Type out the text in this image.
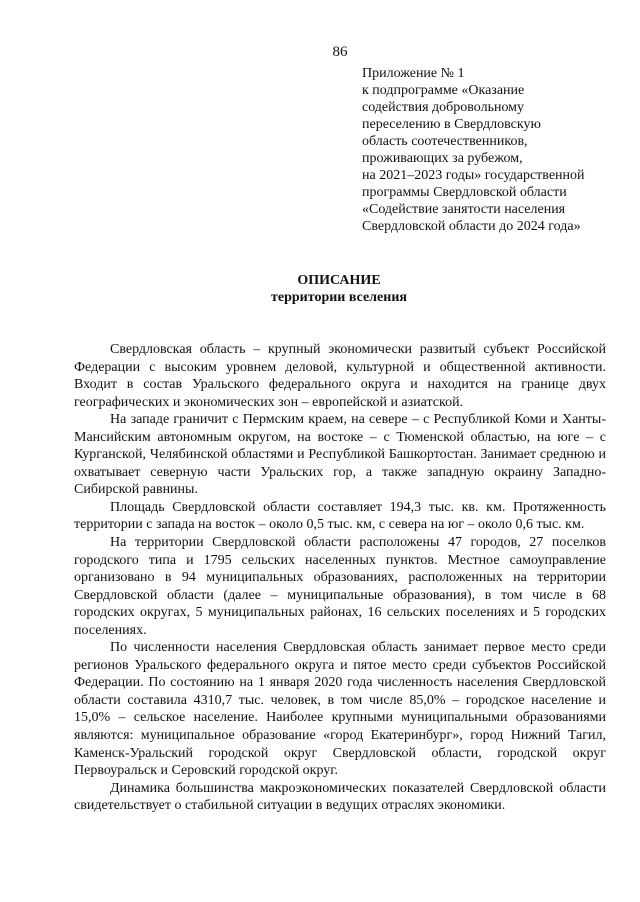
86
Приложение № 1
к подпрограмме «Оказание
содействия добровольному
переселению в Свердловскую
область соотечественников,
проживающих за рубежом,
на 2021–2023 годы» государственной
программы Свердловской области
«Содействие занятости населения
Свердловской области до 2024 года»
ОПИСАНИЕ
территории вселения

Свердловская область – крупный экономически развитый субъект Российской Федерации с высоким уровнем деловой, культурной и общественной активности. Входит в состав Уральского федерального округа и находится на границе двух географических и экономических зон – европейской и азиатской.

На западе граничит с Пермским краем, на севере – с Республикой Коми и Ханты-Мансийским автономным округом, на востоке – с Тюменской областью, на юге – с Курганской, Челябинской областями и Республикой Башкортостан. Занимает среднюю и охватывает северную части Уральских гор, а также западную окраину Западно-Сибирской равнины.

Площадь Свердловской области составляет 194,3 тыс. кв. км. Протяженность территории с запада на восток – около 0,5 тыс. км, с севера на юг – около 0,6 тыс. км.

На территории Свердловской области расположены 47 городов, 27 поселков городского типа и 1795 сельских населенных пунктов. Местное самоуправление организовано в 94 муниципальных образованиях, расположенных на территории Свердловской области (далее – муниципальные образования), в том числе в 68 городских округах, 5 муниципальных районах, 16 сельских поселениях и 5 городских поселениях.

По численности населения Свердловская область занимает первое место среди регионов Уральского федерального округа и пятое место среди субъектов Российской Федерации. По состоянию на 1 января 2020 года численность населения Свердловской области составила 4310,7 тыс. человек, в том числе 85,0% – городское население и 15,0% – сельское население. Наиболее крупными муниципальными образованиями являются: муниципальное образование «город Екатеринбург», город Нижний Тагил, Каменск-Уральский городской округ Свердловской области, городской округ Первоуральск и Серовский городской округ.

Динамика большинства макроэкономических показателей Свердловской области свидетельствует о стабильной ситуации в ведущих отраслях экономики.
